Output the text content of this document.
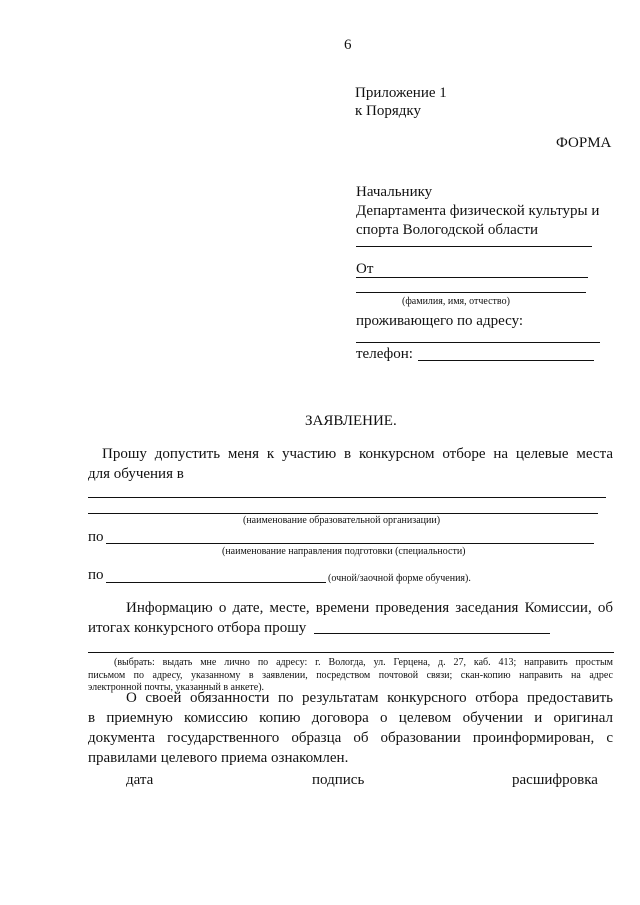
6
Приложение 1
к Порядку
ФОРМА
Начальнику
Департамента физической культуры и
спорта Вологодской области
От
(фамилия, имя, отчество)
проживающего по адресу:
телефон:
ЗАЯВЛЕНИЕ.
Прошу допустить меня к участию в конкурсном отборе на целевые места
для обучения в
(наименование образовательной организации)
по
(наименование направления подготовки (специальности)
по	(очной/заочной форме обучения).
Информацию о дате, месте, времени проведения заседания Комиссии, об
итогах конкурсного отбора прошу
(выбрать: выдать мне лично по адресу: г. Вологда, ул. Герцена, д. 27, каб. 413; направить простым
письмом по адресу, указанному в заявлении, посредством почтовой связи; скан-копию направить на адрес
электронной почты, указанный в анкете).
О своей обязанности по результатам конкурсного отбора предоставить
в приемную комиссию копию договора о целевом обучении и оригинал
документа государственного образца об образовании проинформирован, с
правилами целевого приема ознакомлен.
дата	подпись	расшифровка
